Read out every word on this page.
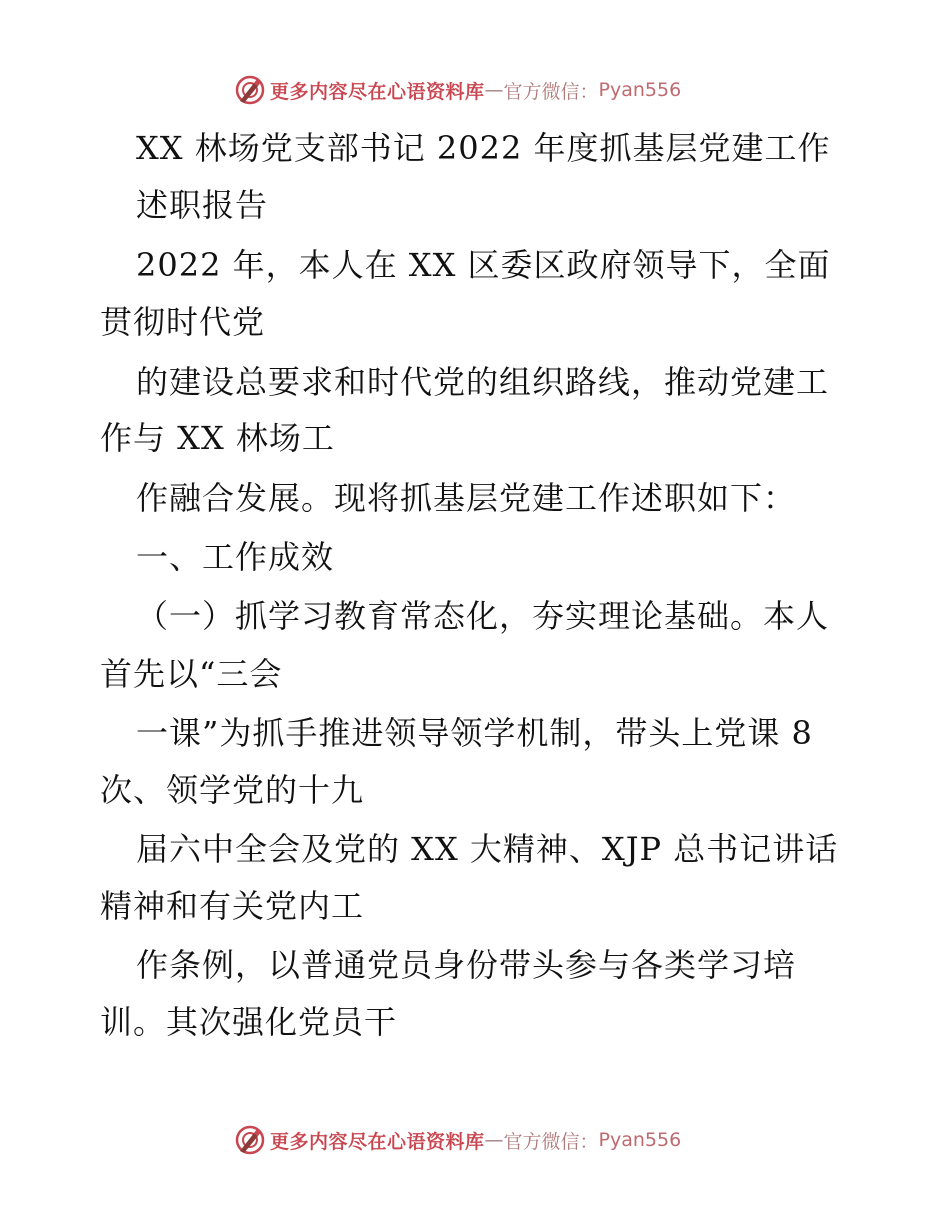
更多内容尽在心语资料库 — 官方微信： Pyan556
XX 林场党支部书记 2022 年度抓基层党建工作
述职报告
2022 年，本人在 XX 区委区政府领导下，全面
贯彻时代党
的建设总要求和时代党的组织路线，推动党建工
作与 XX 林场工
作融合发展。现将抓基层党建工作述职如下：
一、工作成效
（一）抓学习教育常态化，夯实理论基础。本人
首先以“三会
一课”为抓手推进领导领学机制，带头上党课 8
次、领学党的十九
届六中全会及党的 XX 大精神、XJP 总书记讲话
精神和有关党内工
作条例，以普通党员身份带头参与各类学习培
训。其次强化党员干
更多内容尽在心语资料库 — 官方微信： Pyan556
